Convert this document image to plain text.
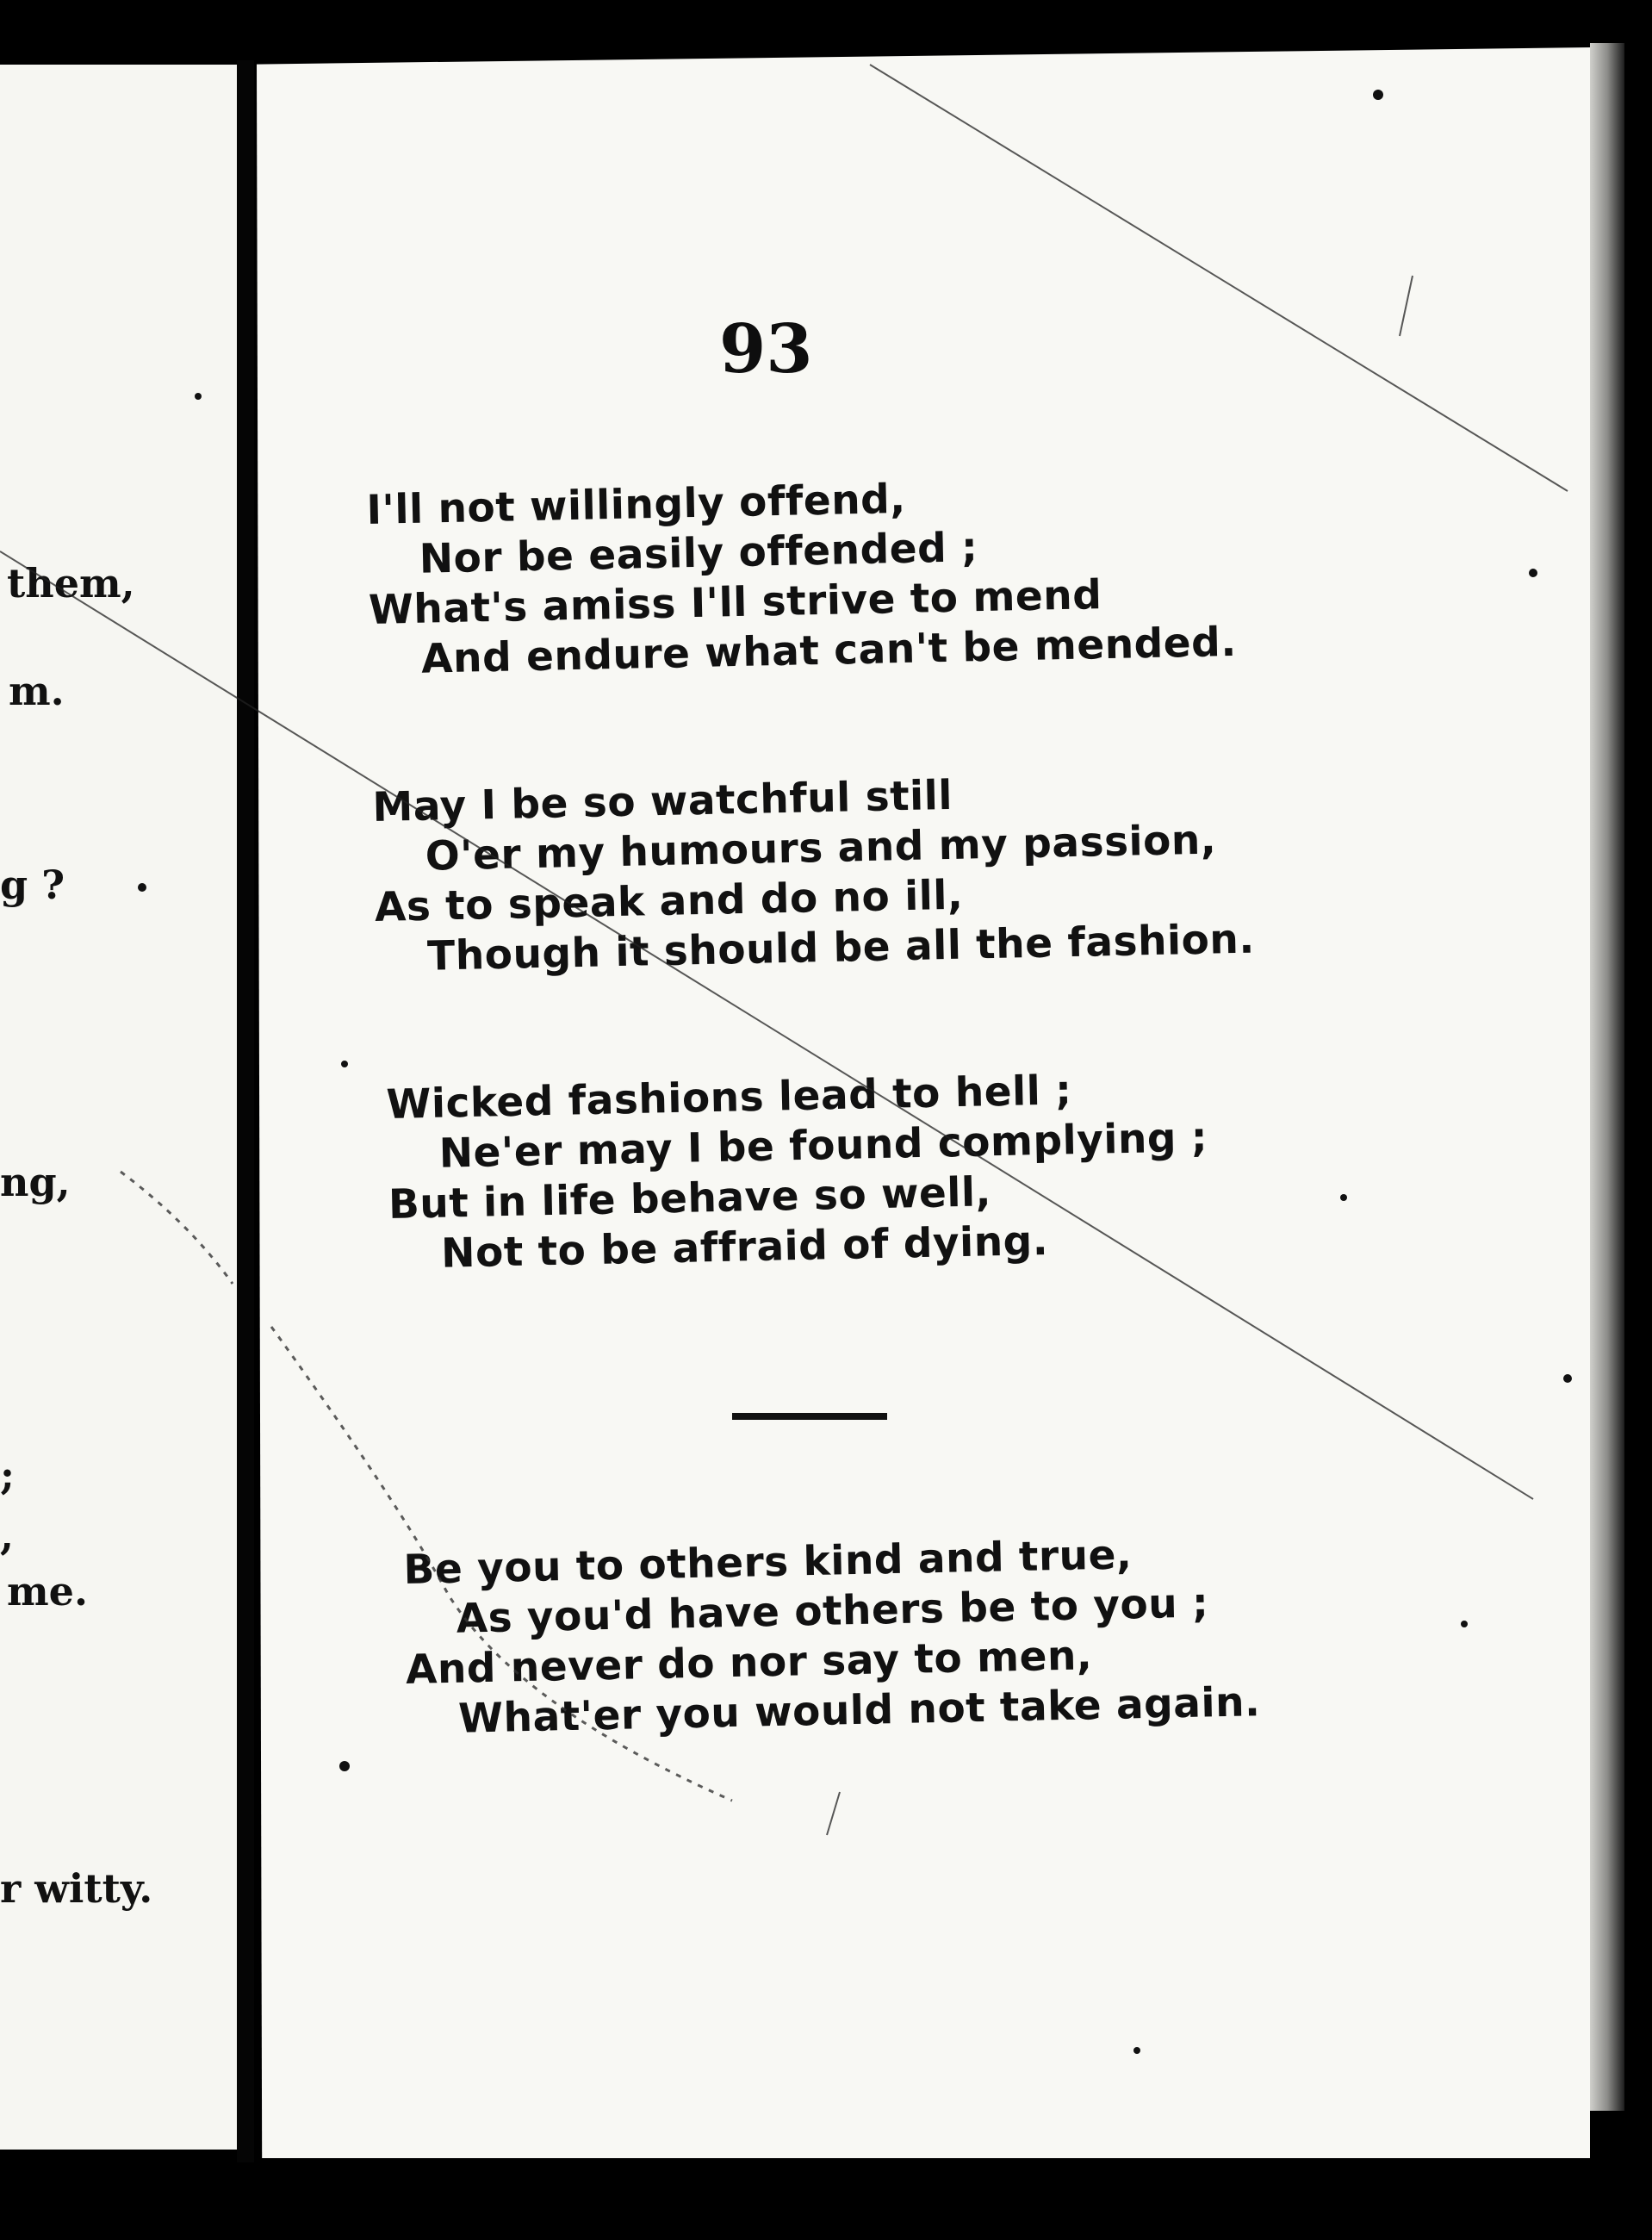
them,
m.
g ?
ng,
;
,
me.
r witty.
93
I'll not willingly offend,
Nor be easily offended ;
What's amiss I'll strive to mend
And endure what can't be mended.
May I be so watchful still
O'er my humours and my passion,
As to speak and do no ill,
Though it should be all the fashion.
Wicked fashions lead to hell ;
Ne'er may I be found complying ;
But in life behave so well,
Not to be affraid of dying.
Be you to others kind and true,
As you'd have others be to you ;
And never do nor say to men,
What'er you would not take again.
